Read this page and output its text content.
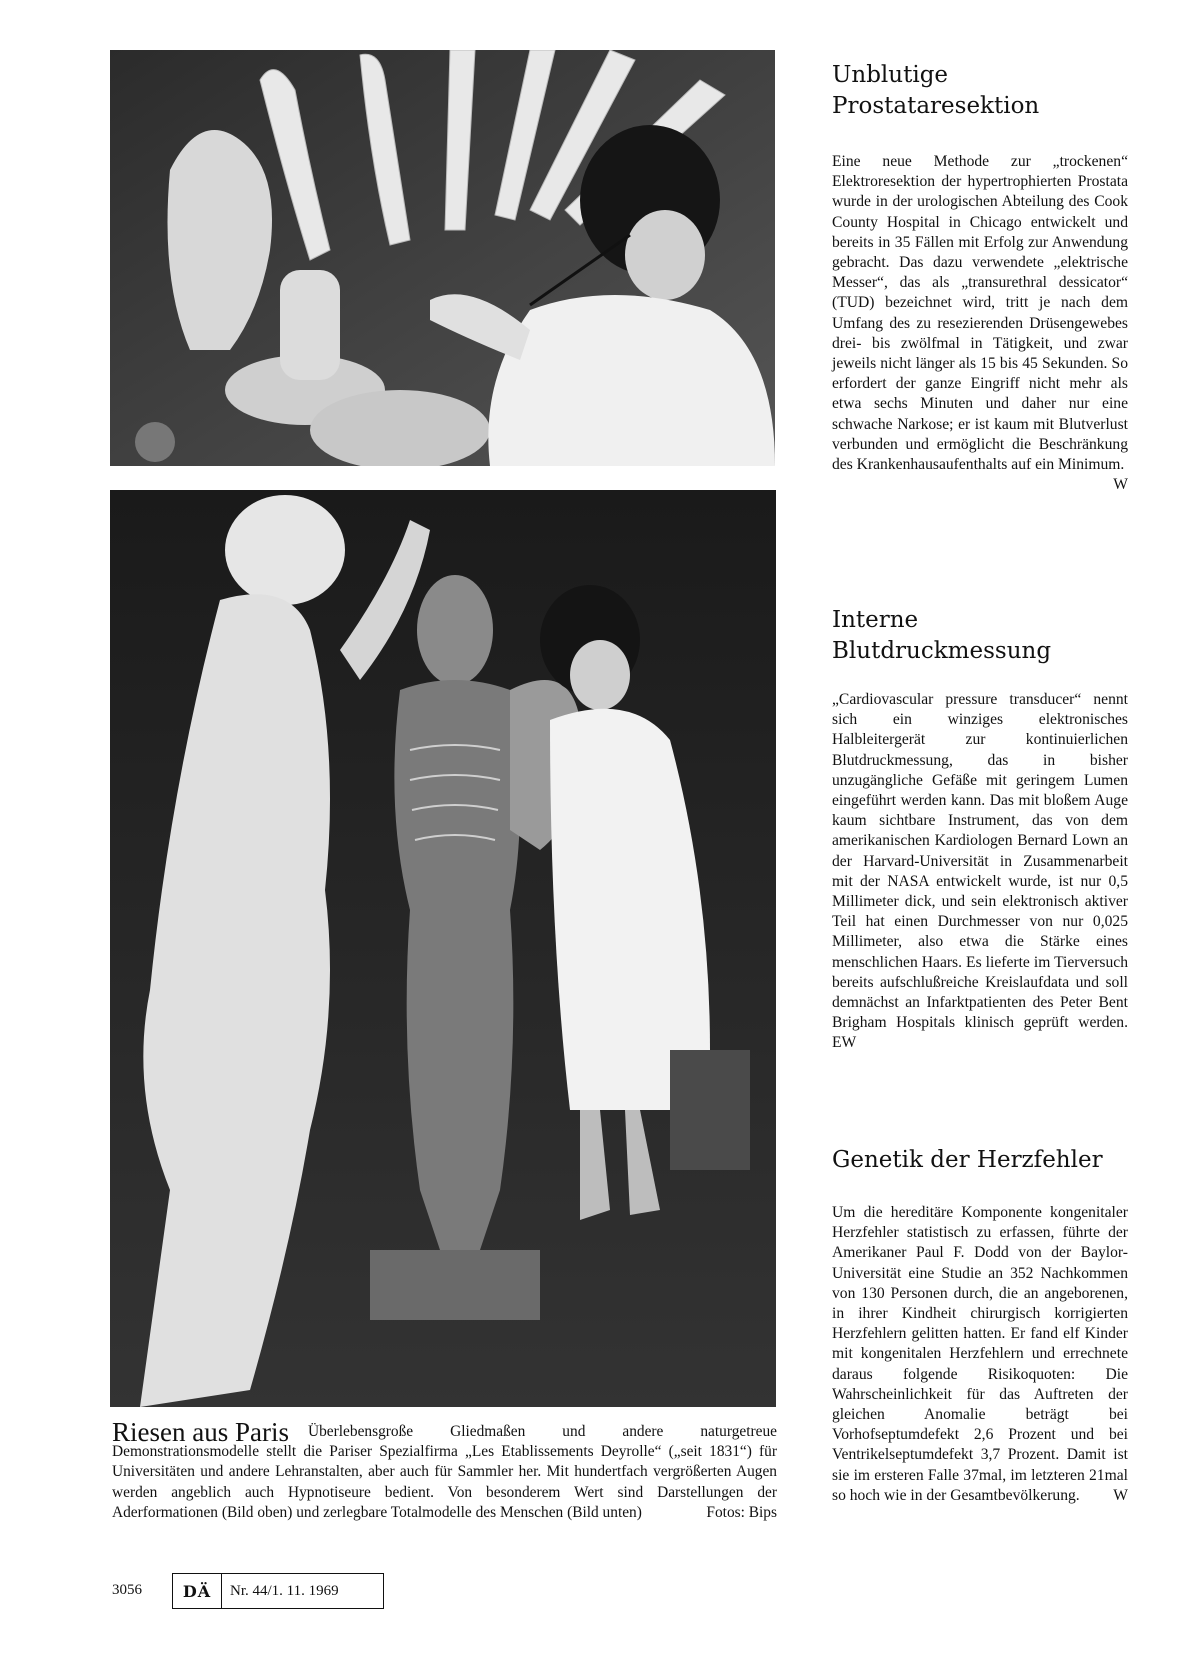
Unblutige
Prostataresektion

Eine neue Methode zur „trockenen“ Elektroresektion der hypertrophierten Prostata wurde in der urologischen Abteilung des Cook County Hospital in Chicago entwickelt und bereits in 35 Fällen mit Erfolg zur Anwendung gebracht. Das dazu verwendete „elektrische Messer“, das als „transurethral dessicator“ (TUD) bezeichnet wird, tritt je nach dem Umfang des zu resezierenden Drüsengewebes drei- bis zwölfmal in Tätigkeit, und zwar jeweils nicht länger als 15 bis 45 Sekunden. So erfordert der ganze Eingriff nicht mehr als etwa sechs Minuten und daher nur eine schwache Narkose; er ist kaum mit Blutverlust verbunden und ermöglicht die Beschränkung des Krankenhausaufenthalts auf ein Minimum.
W

Interne
Blutdruckmessung

„Cardiovascular pressure transducer“ nennt sich ein winziges elektronisches Halbleitergerät zur kontinuierlichen Blutdruckmessung, das in bisher unzugängliche Gefäße mit geringem Lumen eingeführt werden kann. Das mit bloßem Auge kaum sichtbare Instrument, das von dem amerikanischen Kardiologen Bernard Lown an der Harvard-Universität in Zusammenarbeit mit der NASA entwickelt wurde, ist nur 0,5 Millimeter dick, und sein elektronisch aktiver Teil hat einen Durchmesser von nur 0,025 Millimeter, also etwa die Stärke eines menschlichen Haars. Es lieferte im Tierversuch bereits aufschlußreiche Kreislaufdata und soll demnächst an Infarktpatienten des Peter Bent Brigham Hospitals klinisch geprüft werden. EW

Genetik der Herzfehler

Um die hereditäre Komponente kongenitaler Herzfehler statistisch zu erfassen, führte der Amerikaner Paul F. Dodd von der Baylor-Universität eine Studie an 352 Nachkommen von 130 Personen durch, die an angeborenen, in ihrer Kindheit chirurgisch korrigierten Herzfehlern gelitten hatten. Er fand elf Kinder mit kongenitalen Herzfehlern und errechnete daraus folgende Risikoquoten: Die Wahrscheinlichkeit für das Auftreten der gleichen Anomalie beträgt bei Vorhofseptumdefekt 2,6 Prozent und bei Ventrikelseptumdefekt 3,7 Prozent. Damit ist sie im ersteren Falle 37mal, im letzteren 21mal so hoch wie in der Gesamtbevölkerung. W

Riesen aus Paris	Überlebensgroße Gliedmaßen und andere naturgetreue Demonstrationsmodelle stellt die Pariser Spezialfirma „Les Etablissements Deyrolle“ („seit 1831“) für Universitäten und andere Lehranstalten, aber auch für Sammler her. Mit hundertfach vergrößerten Augen werden angeblich auch Hypnotiseure bedient. Von besonderem Wert sind Darstellungen der Aderformationen (Bild oben) und zerlegbare Totalmodelle des Menschen (Bild unten)	Fotos: Bips

3056	DÄ	Nr. 44/1. 11. 1969
